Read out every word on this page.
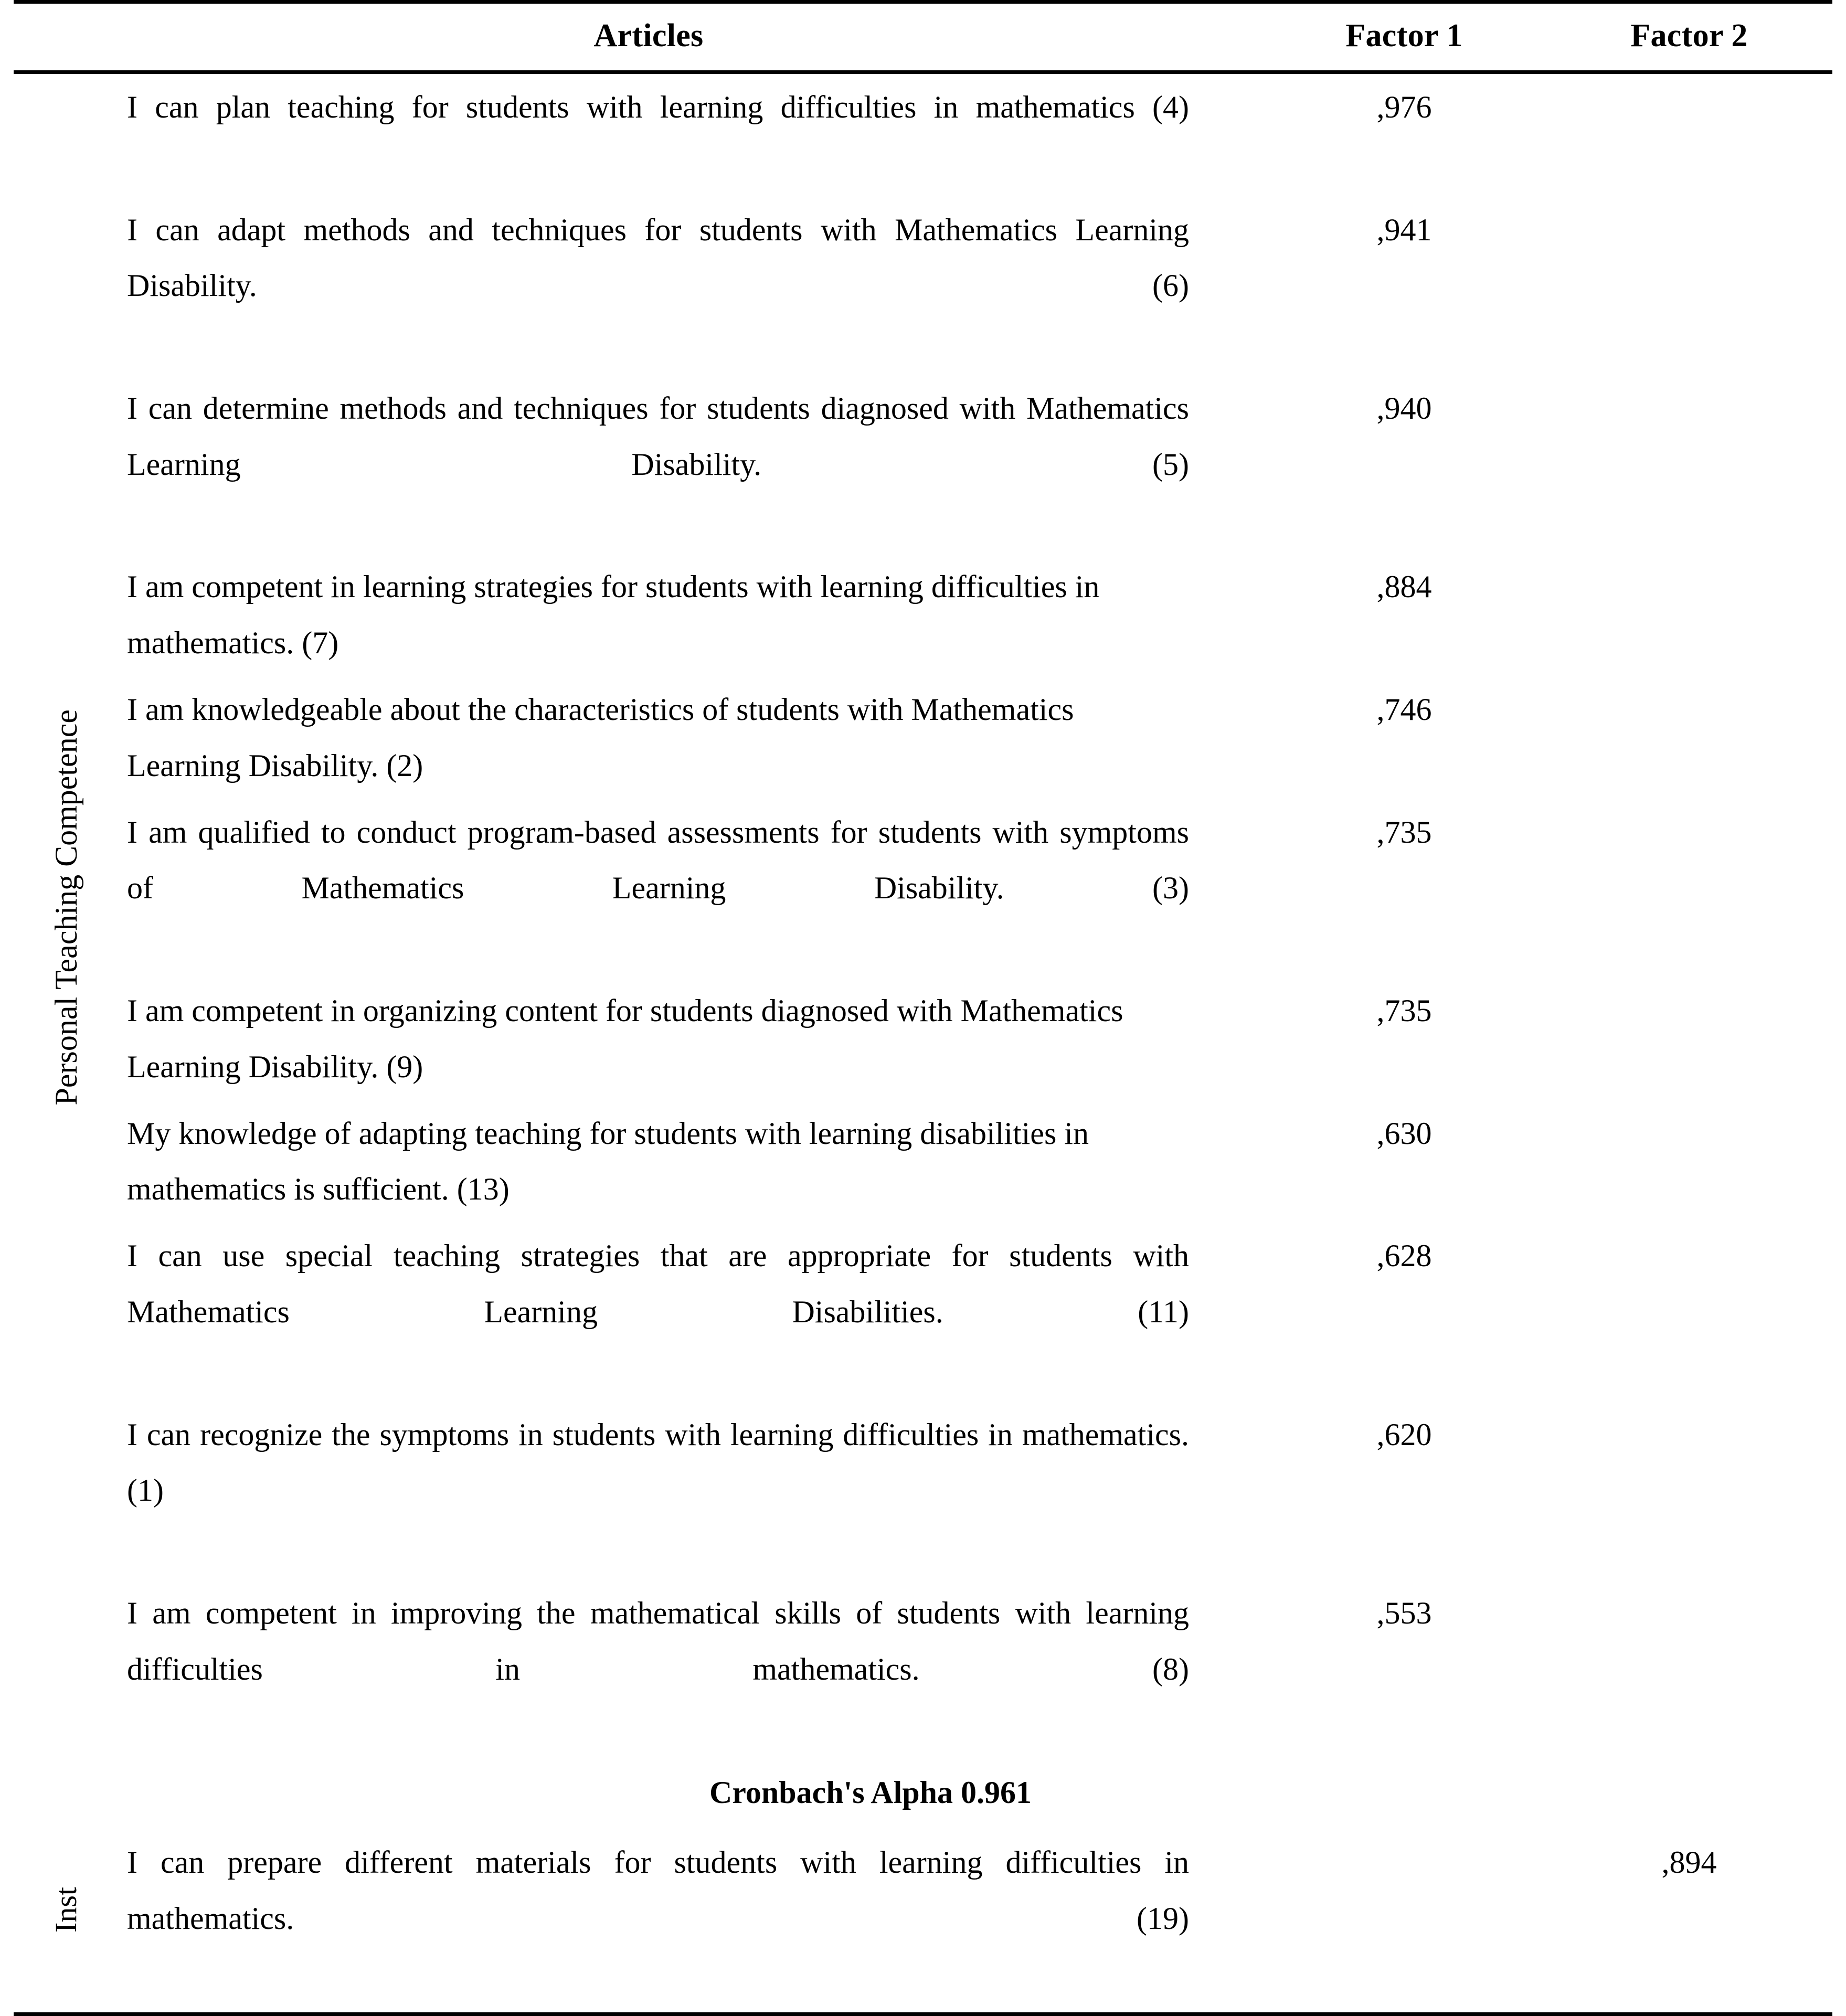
	Articles	Factor 1	Factor 2
Personal Teaching Competence	I can plan teaching for students with learning difficulties in mathematics (4)	,976	
	I can adapt methods and techniques for students with Mathematics Learning Disability. (6)	,941	
	I can determine methods and techniques for students diagnosed with Mathematics Learning Disability. (5)	,940	
	I am competent in learning strategies for students with learning difficulties in mathematics. (7)	,884	
	I am knowledgeable about the characteristics of students with Mathematics Learning Disability. (2)	,746	
	I am qualified to conduct program-based assessments for students with symptoms of Mathematics Learning Disability. (3)	,735	
	I am competent in organizing content for students diagnosed with Mathematics Learning Disability. (9)	,735	
	My knowledge of adapting teaching for students with learning disabilities in mathematics is sufficient. (13)	,630	
	I can use special teaching strategies that are appropriate for students with Mathematics Learning Disabilities. (11)	,628	
	I can recognize the symptoms in students with learning difficulties in mathematics. (1)	,620	
	I am competent in improving the mathematical skills of students with learning difficulties in mathematics. (8)	,553	

	Cronbach's Alpha 0.961		

Inst	I can prepare different materials for students with learning difficulties in mathematics. (19)		,894
